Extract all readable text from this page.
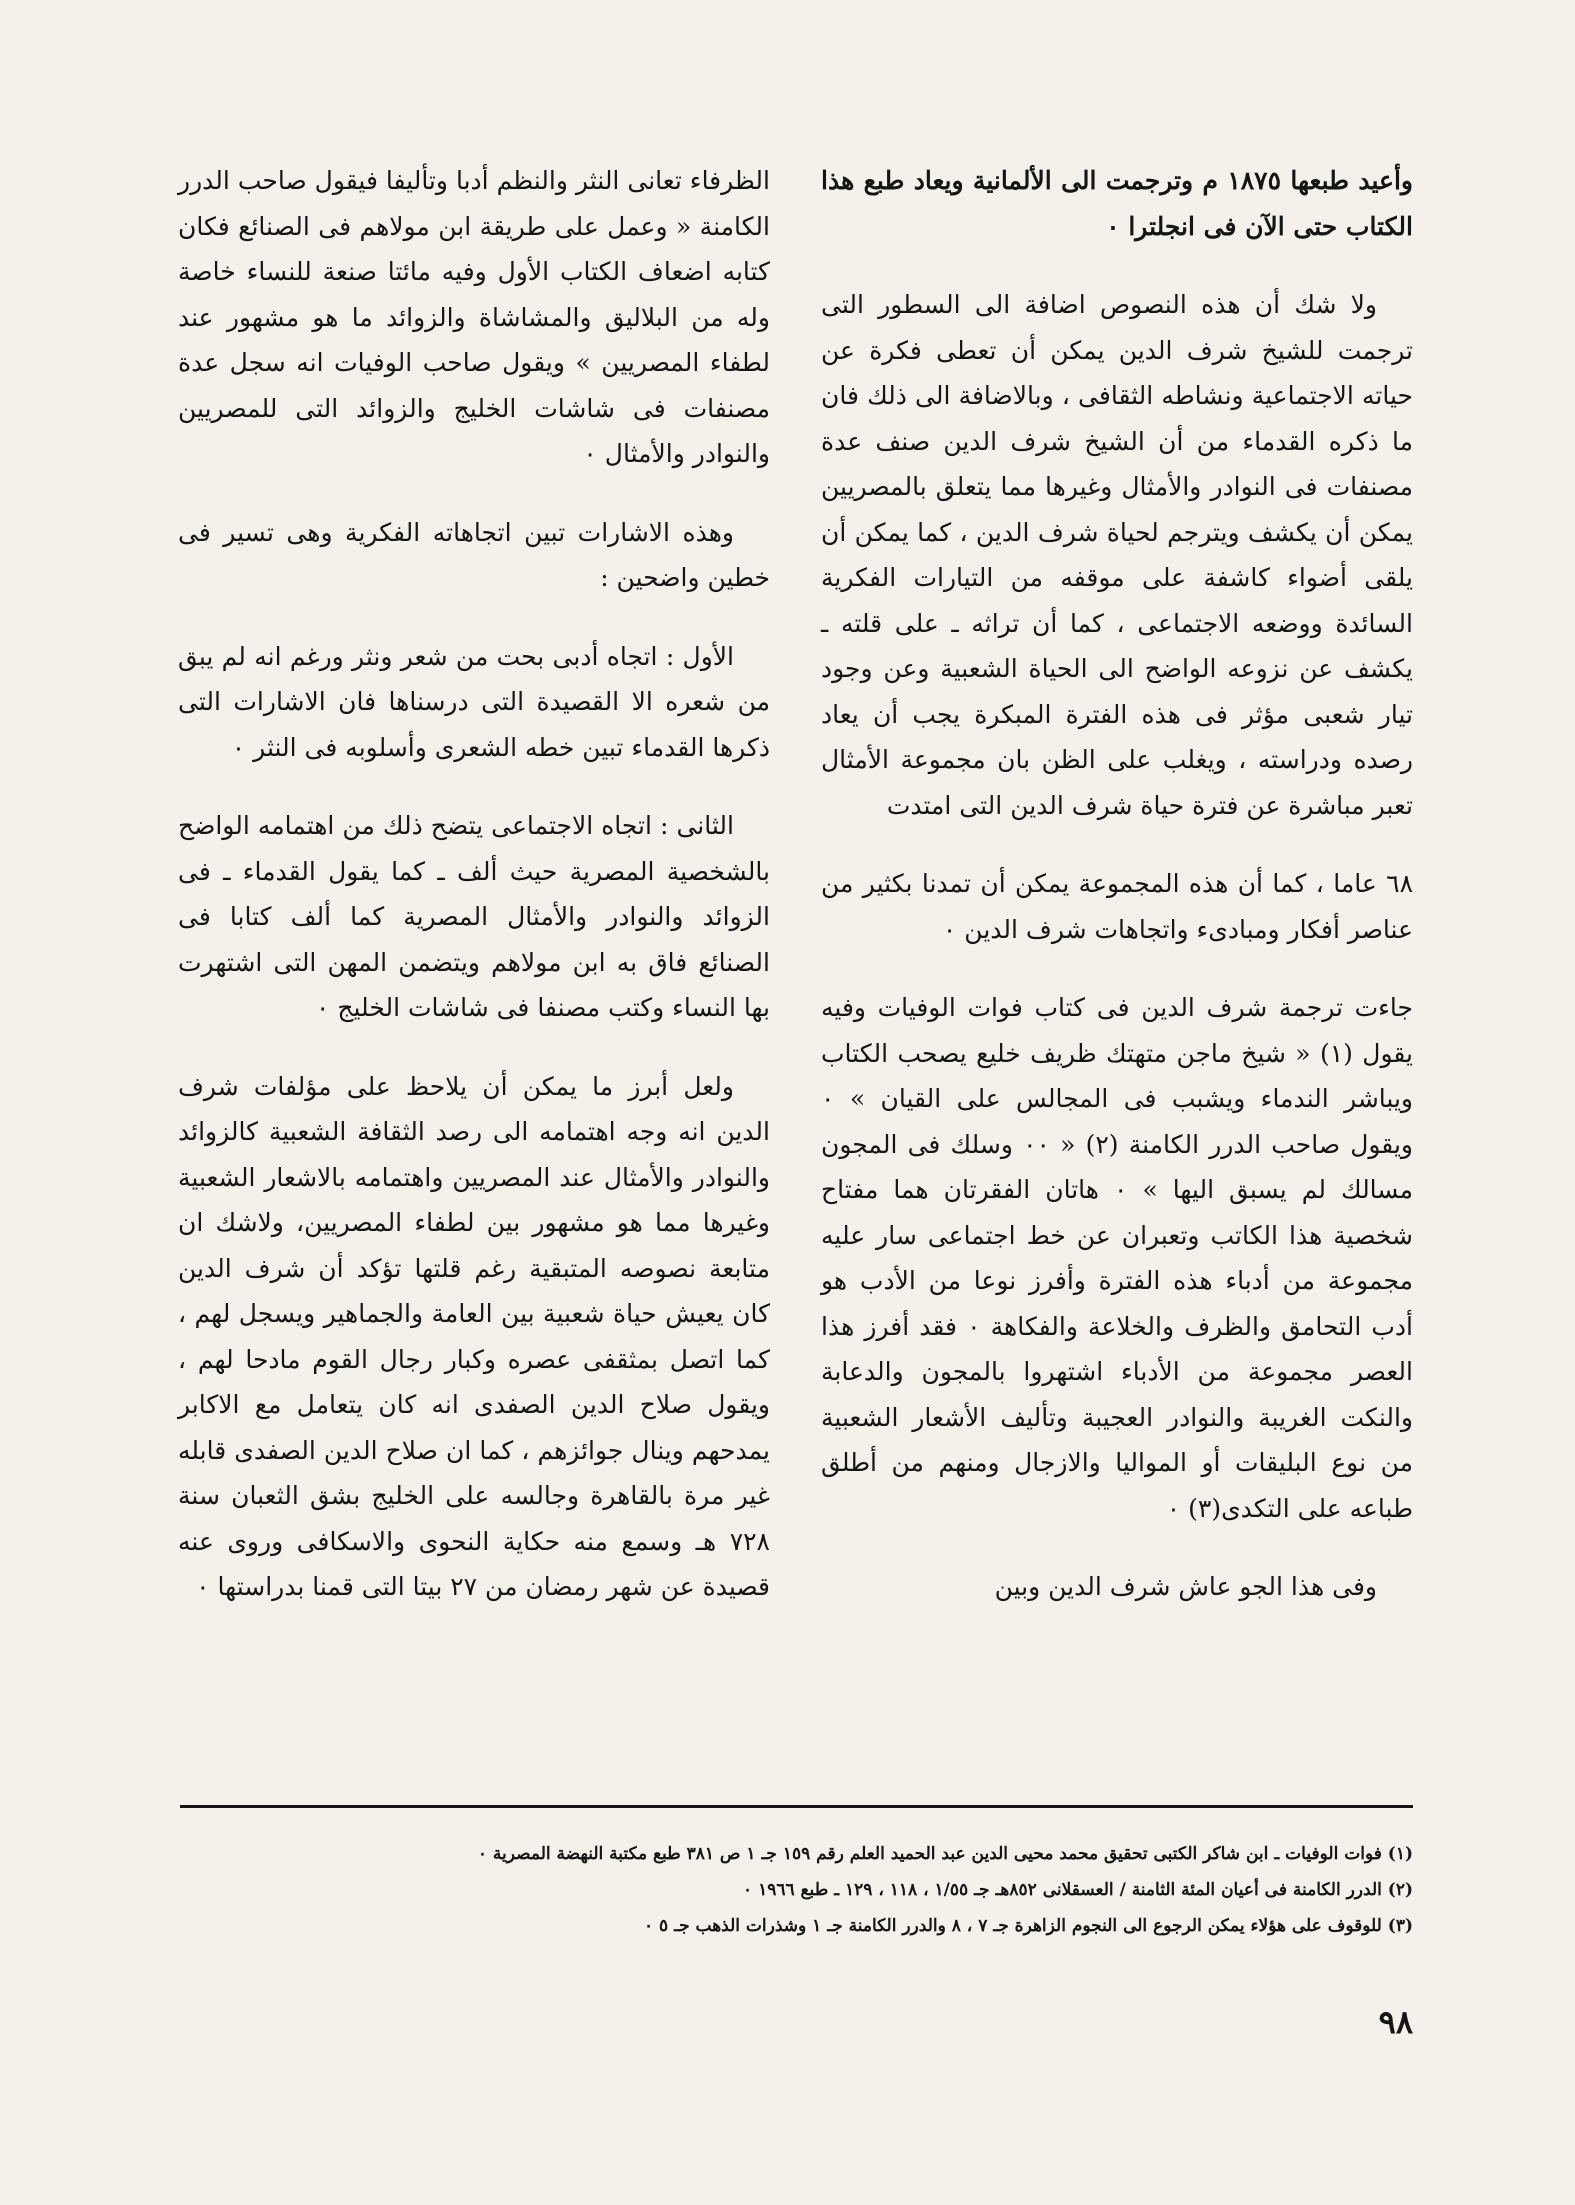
وأعيد طبعها ١٨٧٥ م وترجمت الى الألمانية ويعاد طبع هذا الكتاب حتى الآن فى انجلترا ٠

ولا شك أن هذه النصوص اضافة الى السطور التى ترجمت للشيخ شرف الدين يمكن أن تعطى فكرة عن حياته الاجتماعية ونشاطه الثقافى ، وبالاضافة الى ذلك فان ما ذكره القدماء من أن الشيخ شرف الدين صنف عدة مصنفات فى النوادر والأمثال وغيرها مما يتعلق بالمصريين يمكن أن يكشف ويترجم لحياة شرف الدين ، كما يمكن أن يلقى أضواء كاشفة على موقفه من التيارات الفكرية السائدة ووضعه الاجتماعى ، كما أن تراثه ـ على قلته ـ يكشف عن نزوعه الواضح الى الحياة الشعبية وعن وجود تيار شعبى مؤثر فى هذه الفترة المبكرة يجب أن يعاد رصده ودراسته ، ويغلب على الظن بان مجموعة الأمثال تعبر مباشرة عن فترة حياة شرف الدين التى امتدت

٦٨ عاما ، كما أن هذه المجموعة يمكن أن تمدنا بكثير من عناصر أفكار ومبادىء واتجاهات شرف الدين ٠

جاءت ترجمة شرف الدين فى كتاب فوات الوفيات وفيه يقول (١) « شيخ ماجن متهتك ظريف خليع يصحب الكتاب ويباشر الندماء ويشبب فى المجالس على القيان » ٠ ويقول صاحب الدرر الكامنة (٢) « ٠٠ وسلك فى المجون مسالك لم يسبق اليها » ٠ هاتان الفقرتان هما مفتاح شخصية هذا الكاتب وتعبران عن خط اجتماعى سار عليه مجموعة من أدباء هذه الفترة وأفرز نوعا من الأدب هو أدب التحامق والظرف والخلاعة والفكاهة ٠ فقد أفرز هذا العصر مجموعة من الأدباء اشتهروا بالمجون والدعابة والنكت الغريبة والنوادر العجيبة وتأليف الأشعار الشعبية من نوع البليقات أو المواليا والازجال ومنهم من أطلق طباعه على التكدى(٣) ٠

وفى هذا الجو عاش شرف الدين وبين

الظرفاء تعانى النثر والنظم أدبا وتأليفا فيقول صاحب الدرر الكامنة « وعمل على طريقة ابن مولاهم فى الصنائع فكان كتابه اضعاف الكتاب الأول وفيه مائتا صنعة للنساء خاصة وله من البلاليق والمشاشاة والزوائد ما هو مشهور عند لطفاء المصريين » ويقول صاحب الوفيات انه سجل عدة مصنفات فى شاشات الخليج والزوائد التى للمصريين والنوادر والأمثال ٠

وهذه الاشارات تبين اتجاهاته الفكرية وهى تسير فى خطين واضحين :

الأول : اتجاه أدبى بحت من شعر ونثر ورغم انه لم يبق من شعره الا القصيدة التى درسناها فان الاشارات التى ذكرها القدماء تبين خطه الشعرى وأسلوبه فى النثر ٠

الثانى : اتجاه الاجتماعى يتضح ذلك من اهتمامه الواضح بالشخصية المصرية حيث ألف ـ كما يقول القدماء ـ فى الزوائد والنوادر والأمثال المصرية كما ألف كتابا فى الصنائع فاق به ابن مولاهم ويتضمن المهن التى اشتهرت بها النساء وكتب مصنفا فى شاشات الخليج ٠

ولعل أبرز ما يمكن أن يلاحظ على مؤلفات شرف الدين انه وجه اهتمامه الى رصد الثقافة الشعبية كالزوائد والنوادر والأمثال عند المصريين واهتمامه بالاشعار الشعبية وغيرها مما هو مشهور بين لطفاء المصريين، ولاشك ان متابعة نصوصه المتبقية رغم قلتها تؤكد أن شرف الدين كان يعيش حياة شعبية بين العامة والجماهير ويسجل لهم ، كما اتصل بمثقفى عصره وكبار رجال القوم مادحا لهم ، ويقول صلاح الدين الصفدى انه كان يتعامل مع الاكابر يمدحهم وينال جوائزهم ، كما ان صلاح الدين الصفدى قابله غير مرة بالقاهرة وجالسه على الخليج بشق الثعبان سنة ٧٢٨ هـ وسمع منه حكاية النحوى والاسكافى وروى عنه قصيدة عن شهر رمضان من ٢٧ بيتا التى قمنا بدراستها ٠

(١) فوات الوفيات ـ ابن شاكر الكتبى تحقيق محمد محيى الدين عبد الحميد العلم رقم ١٥٩ جـ ١ ص ٣٨١ طبع مكتبة النهضة المصرية ٠
(٢) الدرر الكامنة فى أعيان المئة الثامنة / العسقلانى ٨٥٢هـ جـ ١/٥٥ ، ١١٨ ، ١٢٩ ـ طبع ١٩٦٦ ٠
(٣) للوقوف على هؤلاء يمكن الرجوع الى النجوم الزاهرة جـ ٧ ، ٨ والدرر الكامنة جـ ١ وشذرات الذهب جـ ٥ ٠
٩٨
